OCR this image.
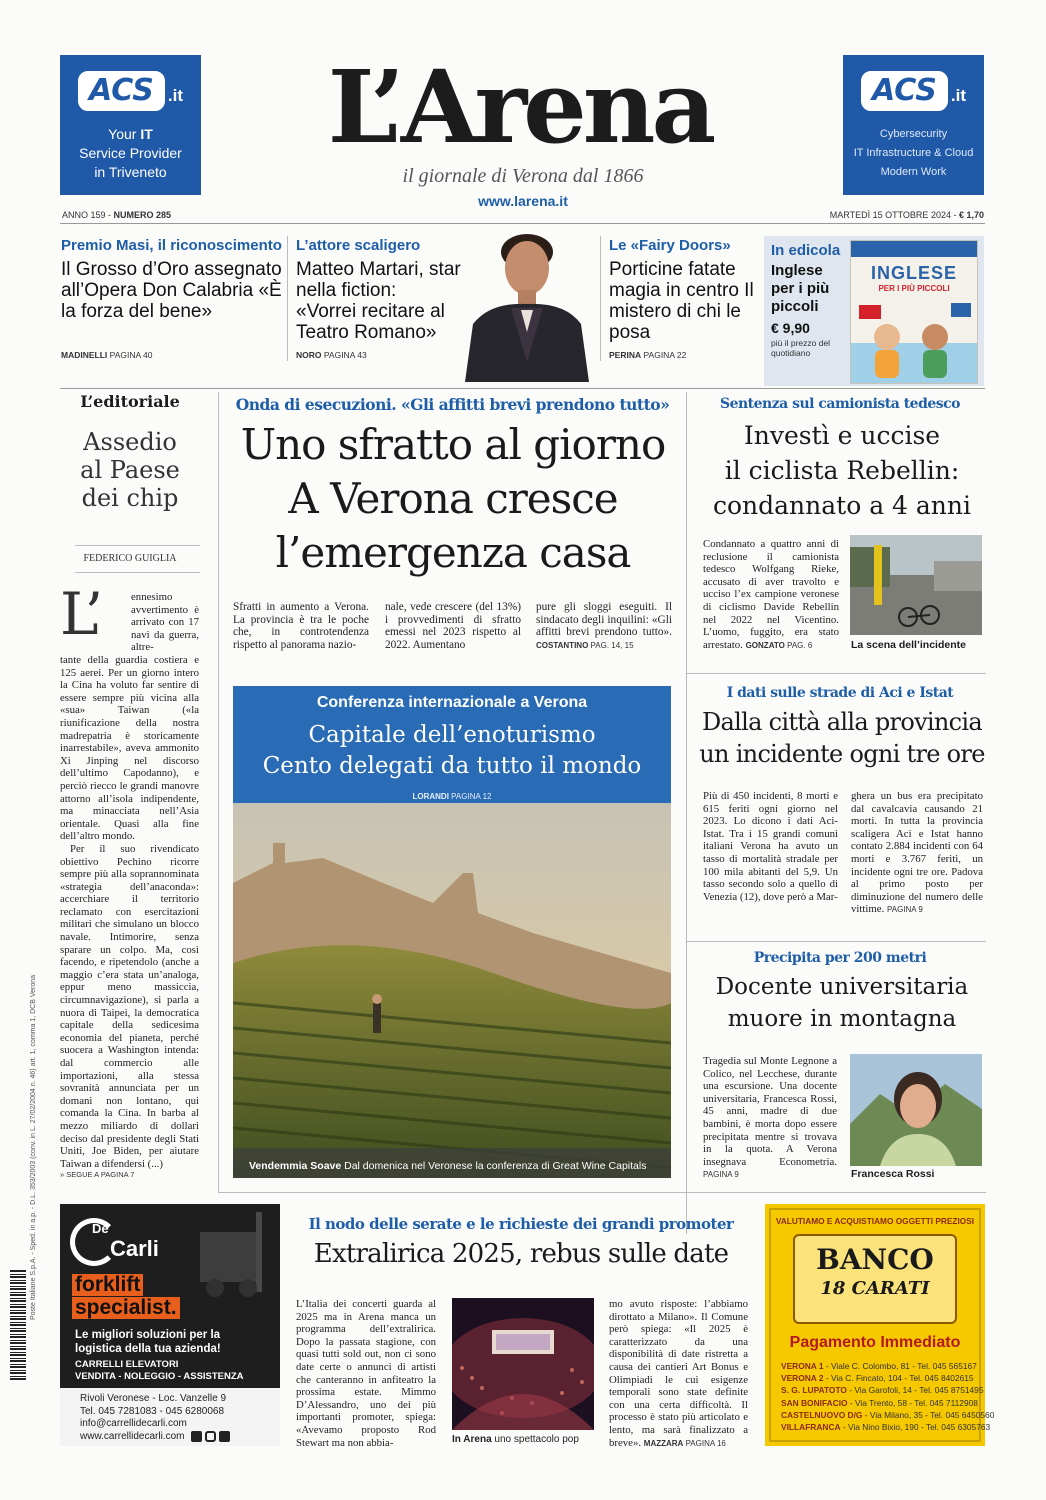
ACS .it
Your IT
Service Provider
in Triveneto
ACS .it
Cybersecurity
IT Infrastructure & Cloud
Modern Work
L’Arena
il giornale di Verona dal 1866
www.larena.it
ANNO 159 - NUMERO 285	MARTEDÌ 15 OTTOBRE 2024 - € 1,70
Premio Masi, il riconoscimento
Il Grosso d’Oro assegnato all’Opera Don Calabria «È la forza del bene»
MADINELLI PAGINA 40
L’attore scaligero
Matteo Martari, star nella fiction: «Vorrei recitare al Teatro Romano»
NORO PAGINA 43
Le «Fairy Doors»
Porticine fatate magia in centro Il mistero di chi le posa
PERINA PAGINA 22
In edicola
Inglese per i più piccoli
€ 9,90
più il prezzo del quotidiano
INGLESE
PER I PIÙ PICCOLI
L’editoriale
Assedio al Paese dei chip
FEDERICO GUIGLIA
L’	ennesimo avvertimento è arrivato con 17 navi da guerra, altre-
tante della guardia costiera e 125 aerei. Per un giorno intero la Cina ha voluto far sentire di essere sempre più vicina alla «sua» Taiwan («la riunificazione della nostra madrepatria è storicamente inarrestabile», aveva ammonito Xi Jinping nel discorso dell’ultimo Capodanno), e perciò riecco le grandi manovre attorno all’isola indipendente, ma minacciata nell’Asia orientale. Quasi alla fine dell’altro mondo.
Per il suo rivendicato obiettivo Pechino ricorre sempre più alla soprannominata «strategia dell’anaconda»: accerchiare il territorio reclamato con esercitazioni militari che simulano un blocco navale. Intimorire, senza sparare un colpo. Ma, così facendo, e ripetendolo (anche a maggio c’era stata un’analoga, eppur meno massiccia, circumnavigazione), si parla a nuora di Taipei, la democratica capitale della sedicesima economia del pianeta, perché suocera a Washington intenda: dal commercio alle importazioni, alla stessa sovranità annunciata per un domani non lontano, qui comanda la Cina. In barba al mezzo miliardo di dollari deciso dal presidente degli Stati Uniti, Joe Biden, per aiutare Taiwan a difendersi (...)
» SEGUE A PAGINA 7
Onda di esecuzioni. «Gli affitti brevi prendono tutto»
Uno sfratto al giorno
A Verona cresce
l’emergenza casa
Sfratti in aumento a Verona. La provincia è tra le poche che, in controtendenza rispetto al panorama nazio-
nale, vede crescere (del 13%) i provvedimenti di sfratto emessi nel 2023 rispetto al 2022. Aumentano
pure gli sloggi eseguiti. Il sindacato degli inquilini: «Gli affitti brevi prendono tutto». COSTANTINO PAG. 14, 15
Sentenza sul camionista tedesco
Investì e uccise
il ciclista Rebellin:
condannato a 4 anni
Condannato a quattro anni di reclusione il camionista tedesco Wolfgang Rieke, accusato di aver travolto e ucciso l’ex campione veronese di ciclismo Davide Rebellin nel 2022 nel Vicentino. L’uomo, fuggito, era stato arrestato. GONZATO PAG. 6	La scena dell’incidente
Conferenza internazionale a Verona
Capitale dell’enoturismo
Cento delegati da tutto il mondo
LORANDI PAGINA 12
Vendemmia Soave Dal domenica nel Veronese la conferenza di Great Wine Capitals
I dati sulle strade di Aci e Istat
Dalla città alla provincia
un incidente ogni tre ore
Più di 450 incidenti, 8 morti e 615 feriti ogni giorno nel 2023. Lo dicono i dati Aci-Istat. Tra i 15 grandi comuni italiani Verona ha avuto un tasso di mortalità stradale per 100 mila abitanti del 5,9. Un tasso secondo solo a quello di Venezia (12), dove però a Mar-
ghera un bus era precipitato dal cavalcavia causando 21 morti. In tutta la provincia scaligera Aci e Istat hanno contato 2.884 incidenti con 64 morti e 3.767 feriti, un incidente ogni tre ore. Padova al primo posto per diminuzione del numero delle vittime. PAGINA 9
Precipita per 200 metri
Docente universitaria
muore in montagna
Tragedia sul Monte Legnone a Colico, nel Lecchese, durante una escursione. Una docente universitaria, Francesca Rossi, 45 anni, madre di due bambini, è morta dopo essere precipitata mentre si trovava in la quota. A Verona insegnava Econometria. PAGINA 9	Francesca Rossi
De
Carli
forklift
specialist.
Le migliori soluzioni per la
logistica della tua azienda!
CARRELLI ELEVATORI
VENDITA - NOLEGGIO - ASSISTENZA
Rivoli Veronese - Loc. Vanzelle 9
Tel. 045 7281083 - 045 6280068
info@carrellidecarli.com
www.carrellidecarli.com
Il nodo delle serate e le richieste dei grandi promoter
Extralirica 2025, rebus sulle date
L’Italia dei concerti guarda al 2025 ma in Arena manca un programma dell’extralirica. Dopo la passata stagione, con quasi tutti sold out, non ci sono date certe o annunci di artisti che canteranno in anfiteatro la prossima estate. Mimmo D’Alessandro, uno dei più importanti promoter, spiega: «Avevamo proposto Rod Stewart ma non abbia-	In Arena uno spettacolo pop
mo avuto risposte: l’abbiamo dirottato a Milano». Il Comune però spiega: «Il 2025 è caratterizzato da una disponibilità di date ristretta a causa dei cantieri Art Bonus e Olimpiadi le cui esigenze temporali sono state definite con una certa difficoltà. Il processo è stato più articolato e lento, ma sarà finalizzato a breve». MAZZARA PAGINA 16
VALUTIAMO E ACQUISTIAMO OGGETTI PREZIOSI
BANCO
18 CARATI
Pagamento Immediato
VERONA 1 - Viale C. Colombo, 81 - Tel. 045 565167
VERONA 2 - Via C. Fincato, 104 - Tel. 045 8402615
S. G. LUPATOTO - Via Garofoli, 14 - Tel. 045 8751495
SAN BONIFACIO - Via Trento, 58 - Tel. 045 7112908
CASTELNUOVO D/G - Via Milano, 35 - Tel. 045 6450560
VILLAFRANCA - Via Nino Bixio, 190 - Tel. 045 6305763
Poste Italiane S.p.A. - Sped. in a.p. - D.L. 353/2003 (conv. in L. 27/02/2004 n. 46) art. 1, comma 1, DCB Verona
